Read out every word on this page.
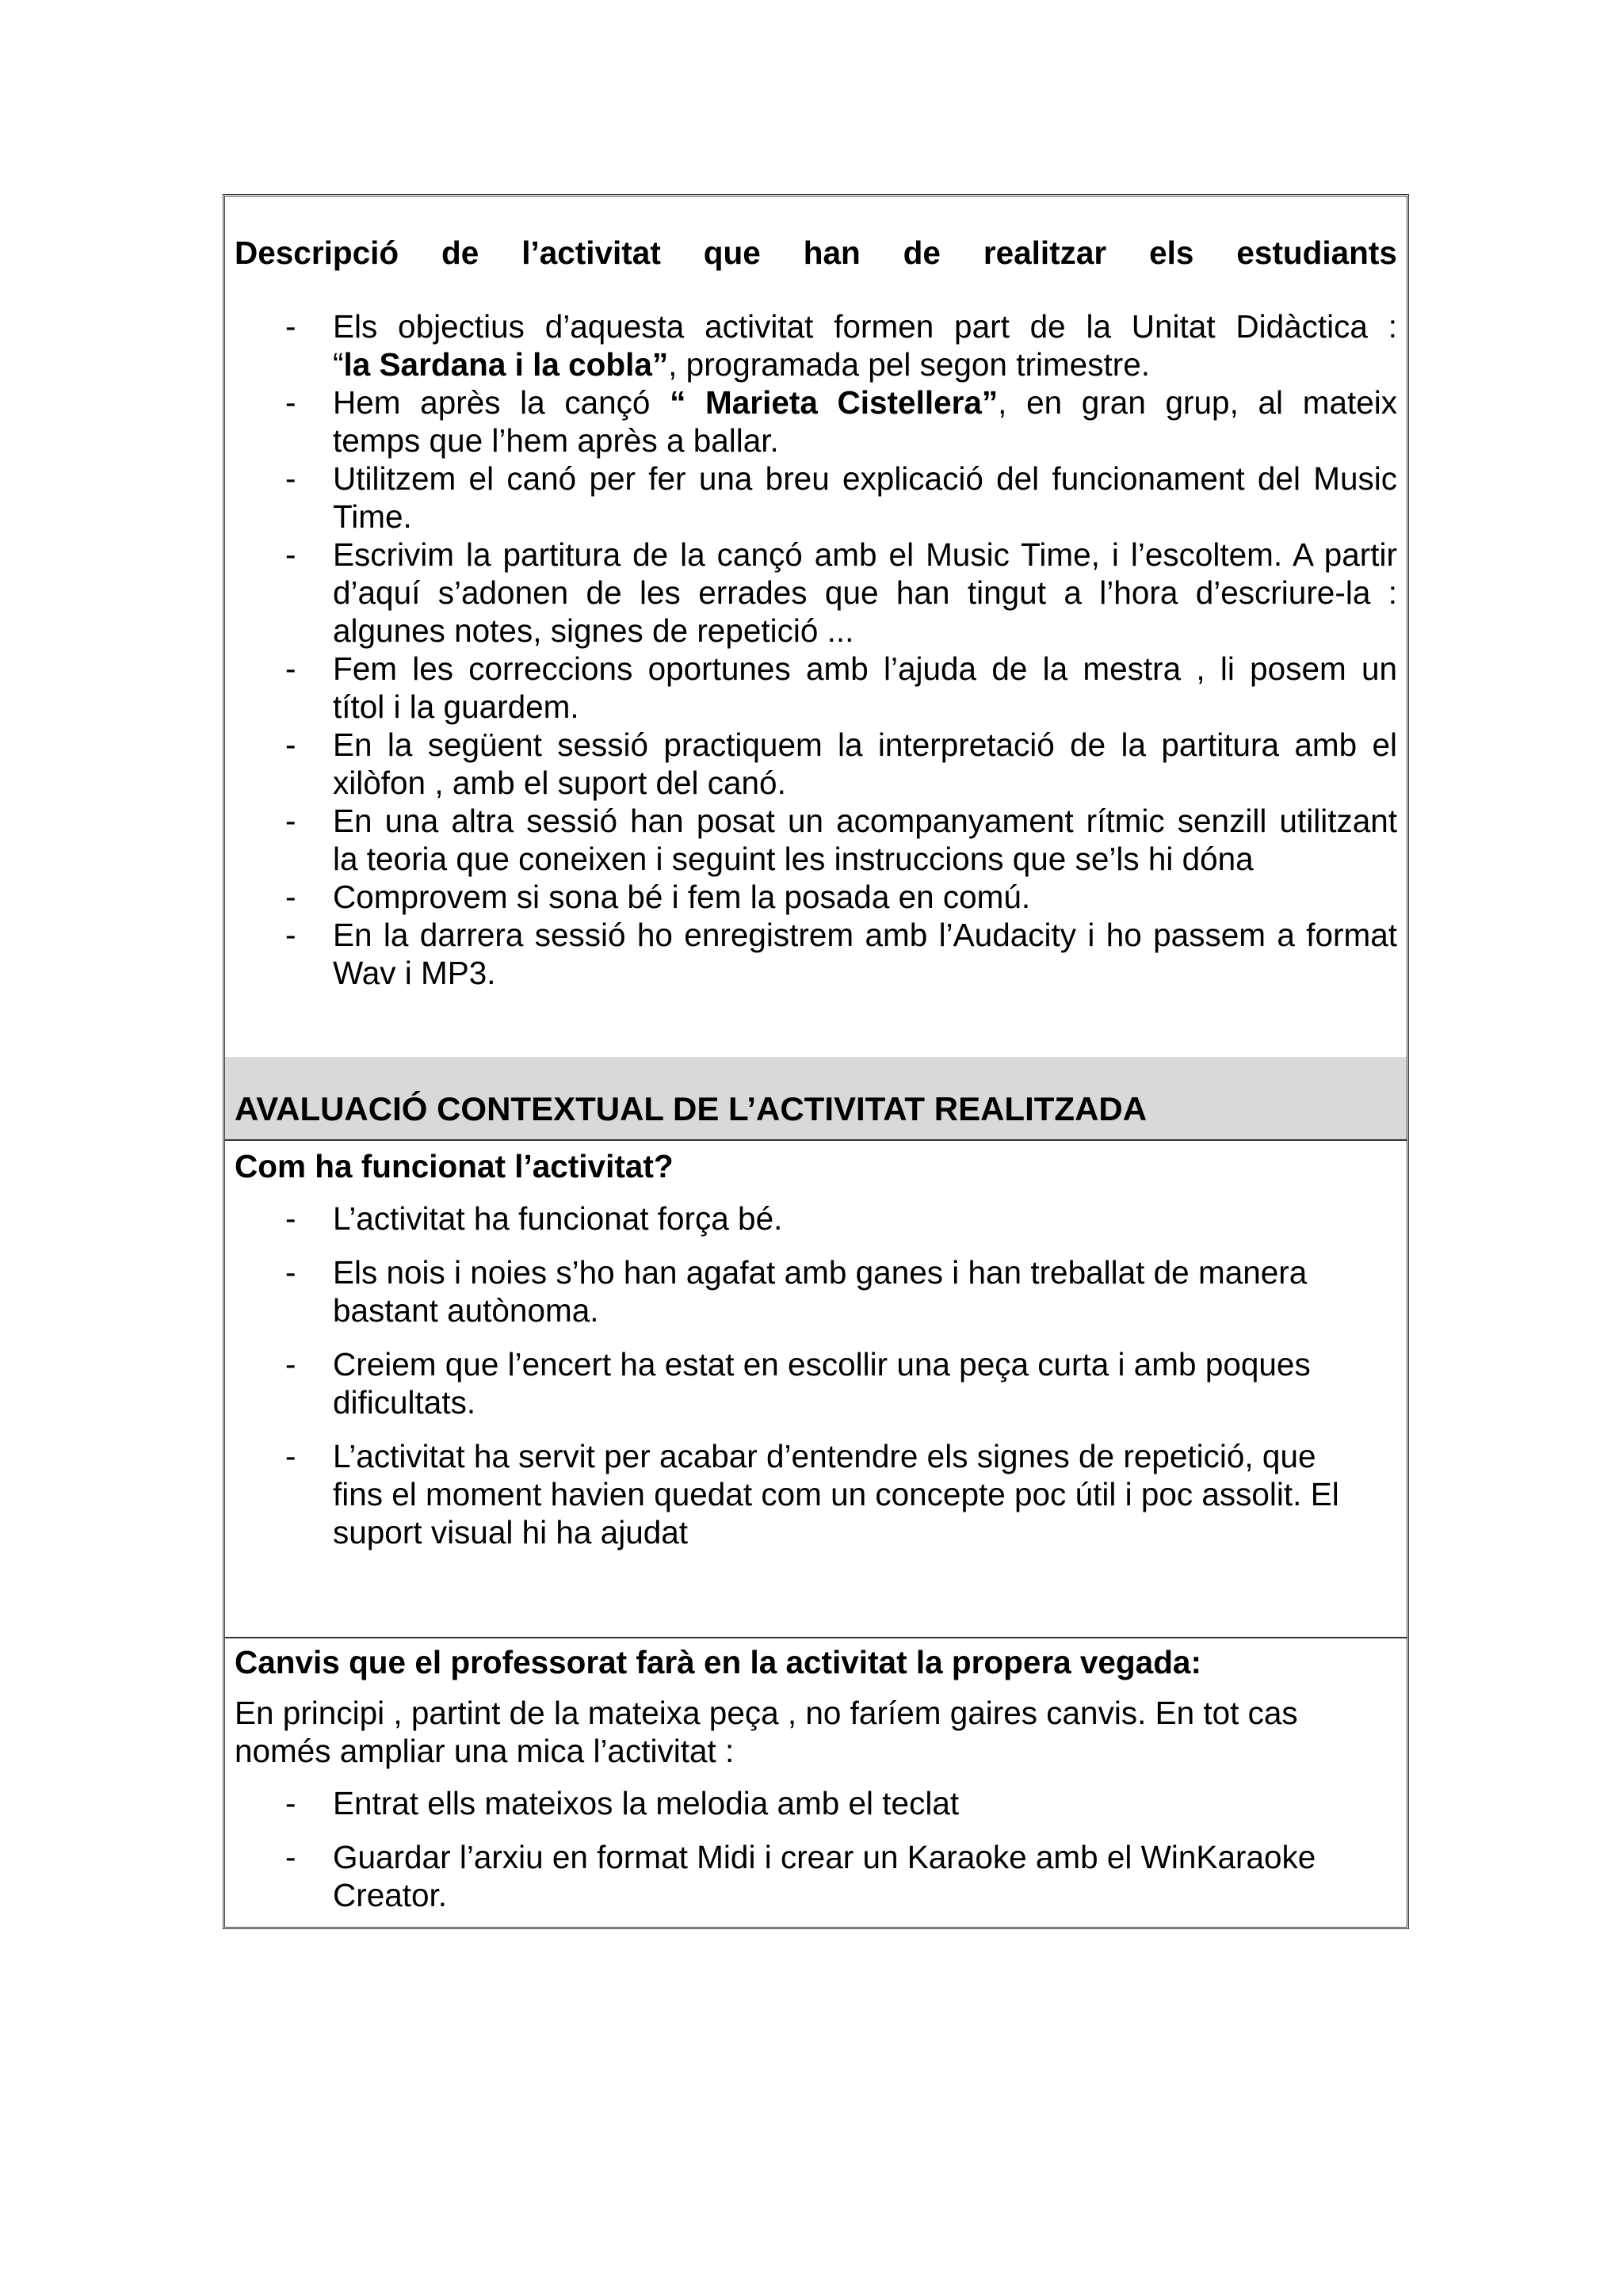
Descripció de l’activitat que han de realitzar els estudiants
- Els objectius d’aquesta activitat formen part de la Unitat Didàctica :
“la Sardana i la cobla”, programada pel segon trimestre.
- Hem après la cançó “ Marieta Cistellera”, en gran grup, al mateix
temps que l’hem après a ballar.
- Utilitzem el canó per fer una breu explicació del funcionament del Music
Time.
- Escrivim la partitura de la cançó amb el Music Time, i l’escoltem. A partir
d’aquí s’adonen de les errades que han tingut a l’hora d’escriure-la :
algunes notes, signes de repetició ...
- Fem les correccions oportunes amb l’ajuda de la mestra , li posem un
títol i la guardem.
- En la següent sessió practiquem la interpretació de la partitura amb el
xilòfon , amb el suport del canó.
- En una altra sessió han posat un acompanyament rítmic senzill utilitzant
la teoria que coneixen i seguint les instruccions que se’ls hi dóna
- Comprovem si sona bé i fem la posada en comú.
- En la darrera sessió ho enregistrem amb l’Audacity i ho passem a format
Wav i MP3.
AVALUACIÓ CONTEXTUAL DE L’ACTIVITAT REALITZADA
Com ha funcionat l’activitat?
- L’activitat ha funcionat força bé.
- Els nois i noies s’ho han agafat amb ganes i han treballat de manera
bastant autònoma.
- Creiem que l’encert ha estat en escollir una peça curta i amb poques
dificultats.
- L’activitat ha servit per acabar d’entendre els signes de repetició, que
fins el moment havien quedat com un concepte poc útil i poc assolit. El
suport visual hi ha ajudat
Canvis que el professorat farà en la activitat la propera vegada:
En principi , partint de la mateixa peça , no faríem gaires canvis. En tot cas
només ampliar una mica l’activitat :
- Entrat ells mateixos la melodia amb el teclat
- Guardar l’arxiu en format Midi i crear un Karaoke amb el WinKaraoke
Creator.
